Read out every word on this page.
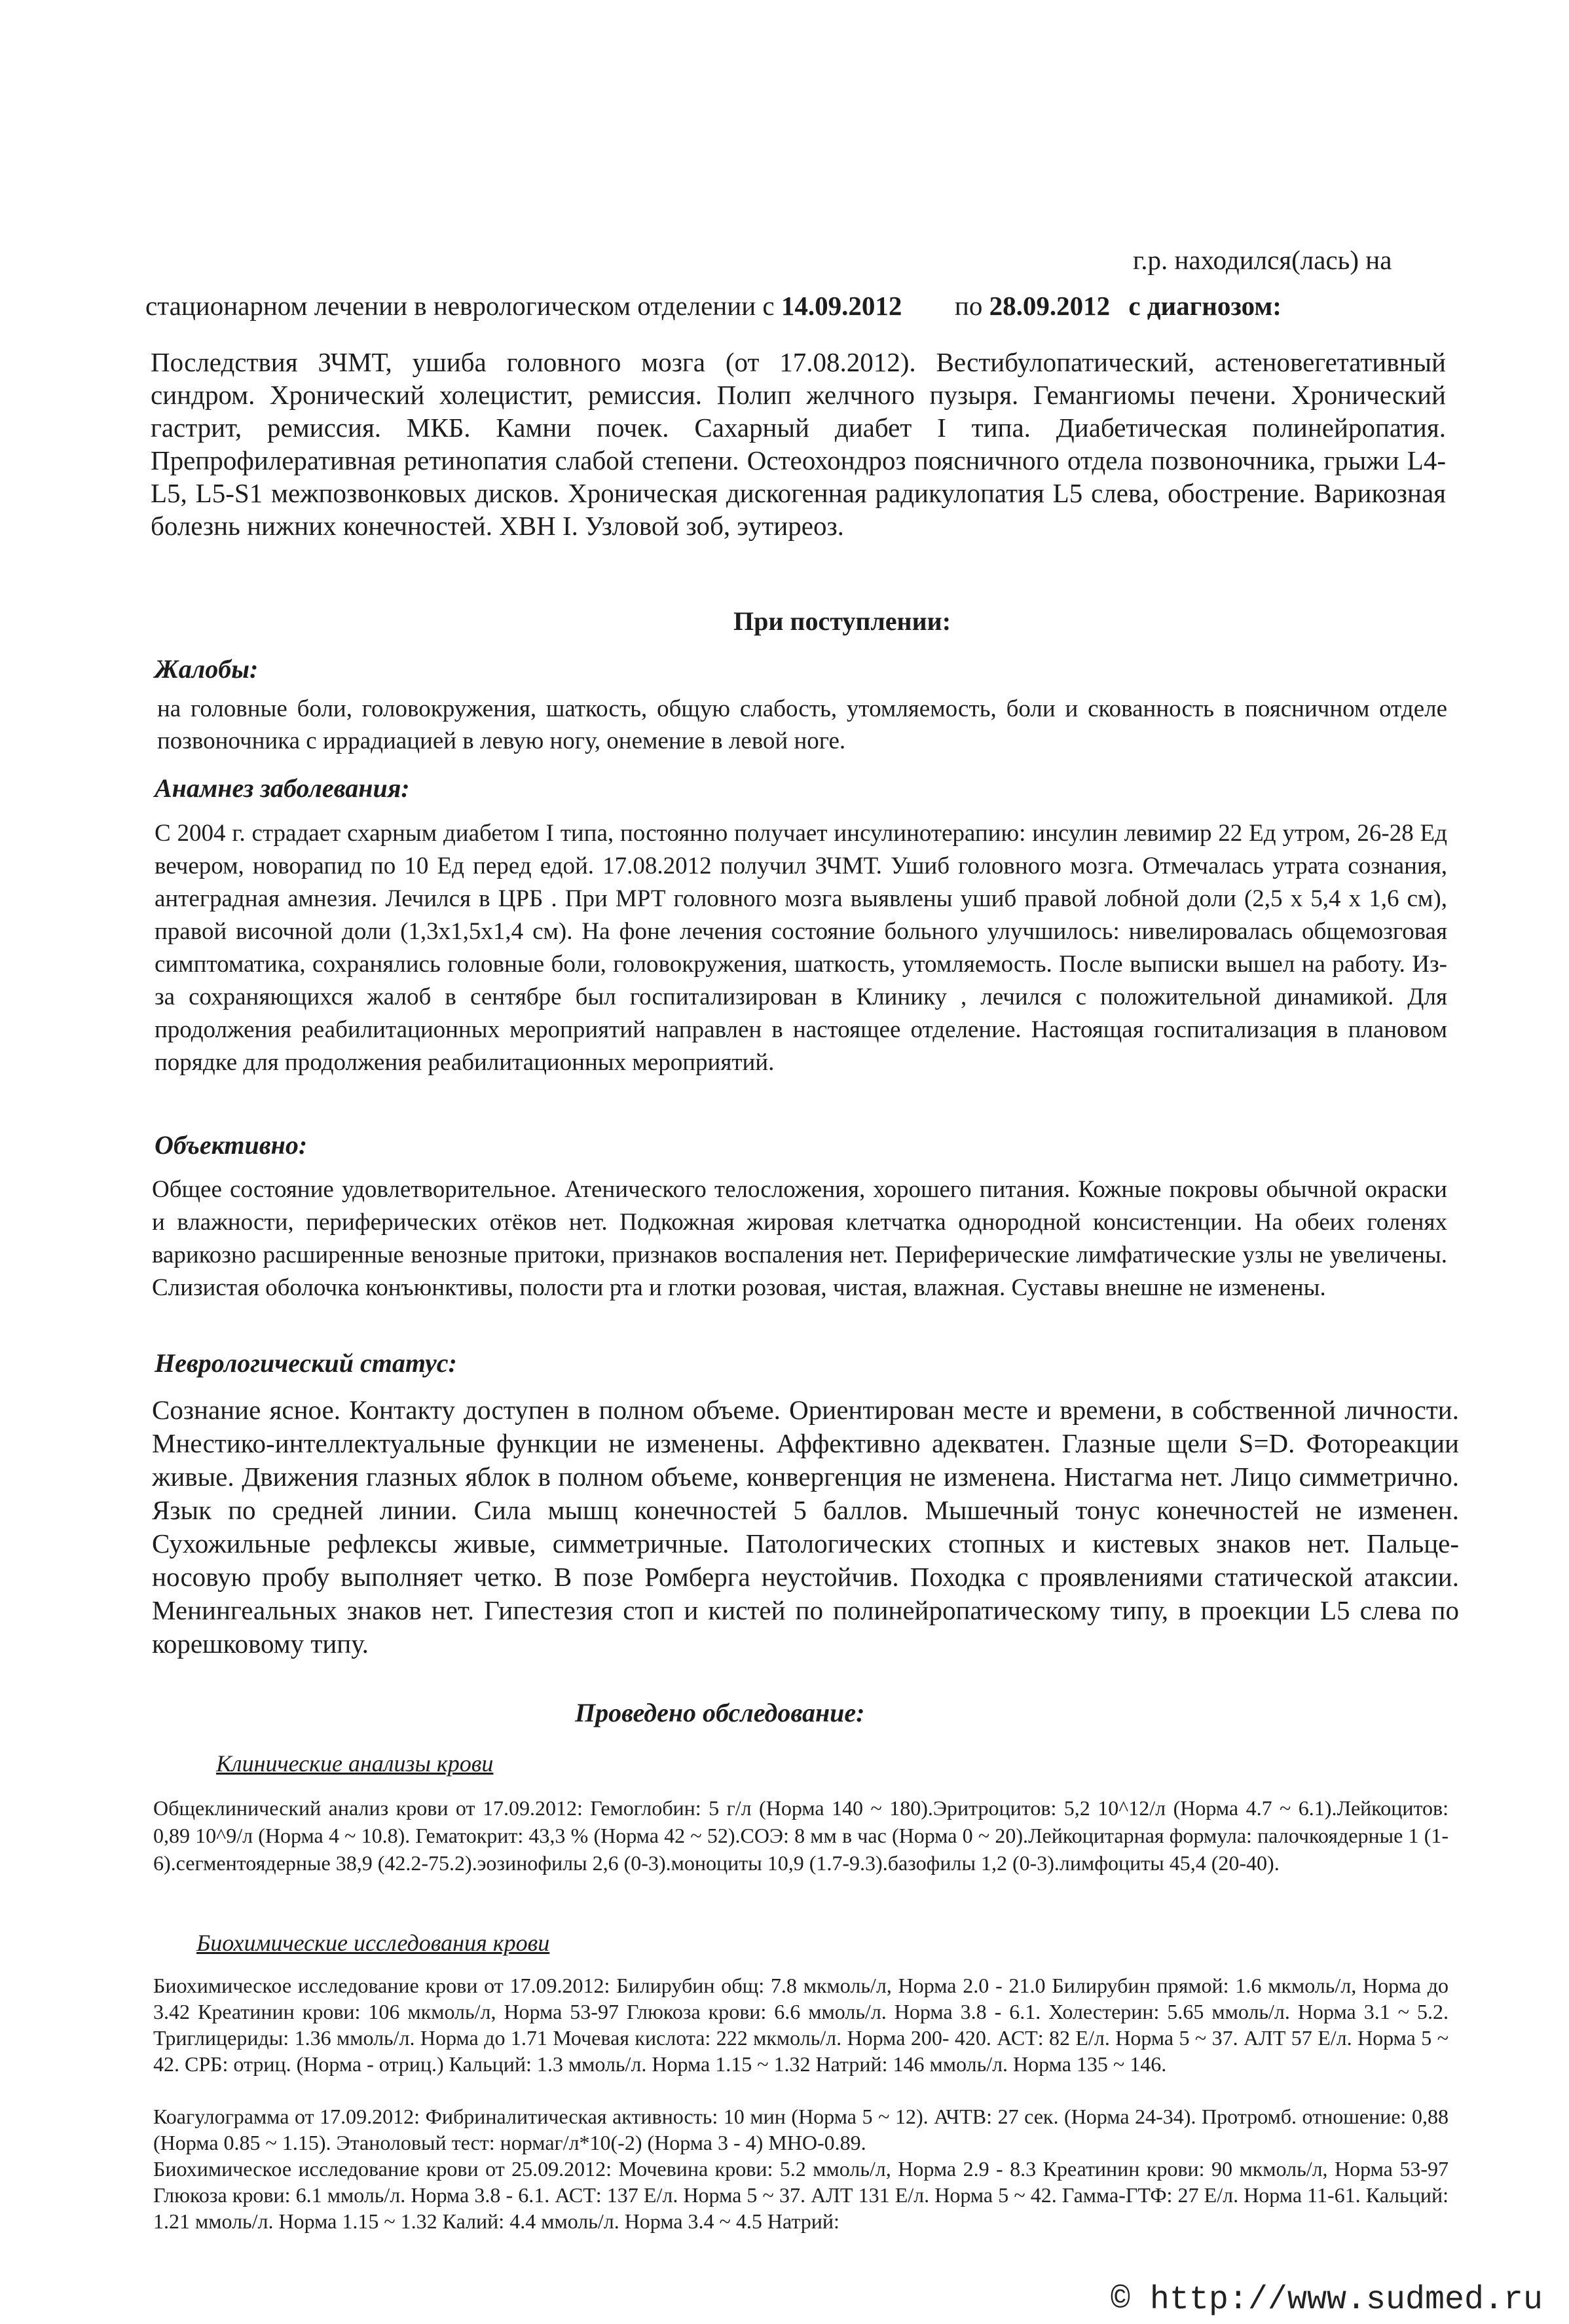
г.р. находился(лась) на
стационарном лечении в неврологическом отделении с 14.09.2012 по 28.09.2012 с диагнозом:

Последствия ЗЧМТ, ушиба головного мозга (от 17.08.2012). Вестибулопатический, астеновегетативный синдром. Хронический холецистит, ремиссия. Полип желчного пузыря. Гемангиомы печени. Хронический гастрит, ремиссия. МКБ. Камни почек. Сахарный диабет I типа. Диабетическая полинейропатия. Препрофилеративная ретинопатия слабой степени. Остеохондроз поясничного отдела позвоночника, грыжи L4-L5, L5-S1 межпозвонковых дисков. Хроническая дискогенная радикулопатия L5 слева, обострение. Варикозная болезнь нижних конечностей. ХВН I. Узловой зоб, эутиреоз.

При поступлении:
Жалобы:

на головные боли, головокружения, шаткость, общую слабость, утомляемость, боли и скованность в поясничном отделе позвоночника с иррадиацией в левую ногу, онемение в левой ноге.

Анамнез заболевания:

С 2004 г. страдает схарным диабетом I типа, постоянно получает инсулинотерапию: инсулин левимир 22 Ед утром, 26-28 Ед вечером, новорапид по 10 Ед перед едой. 17.08.2012 получил ЗЧМТ. Ушиб головного мозга. Отмечалась утрата сознания, антеградная амнезия. Лечился в ЦРБ . При МРТ головного мозга выявлены ушиб правой лобной доли (2,5 х 5,4 х 1,6 см), правой височной доли (1,3х1,5х1,4 см). На фоне лечения состояние больного улучшилось: нивелировалась общемозговая симптоматика, сохранялись головные боли, головокружения, шаткость, утомляемость. После выписки вышел на работу. Из-за сохраняющихся жалоб в сентябре был госпитализирован в Клинику , лечился с положительной динамикой. Для продолжения реабилитационных мероприятий направлен в настоящее отделение. Настоящая госпитализация в плановом порядке для продолжения реабилитационных мероприятий.

Объективно:

Общее состояние удовлетворительное. Атенического телосложения, хорошего питания. Кожные покровы обычной окраски и влажности, периферических отёков нет. Подкожная жировая клетчатка однородной консистенции. На обеих голенях варикозно расширенные венозные притоки, признаков воспаления нет. Периферические лимфатические узлы не увеличены. Слизистая оболочка конъюнктивы, полости рта и глотки розовая, чистая, влажная. Суставы внешне не изменены.

Неврологический статус:

Сознание ясное. Контакту доступен в полном объеме. Ориентирован месте и времени, в собственной личности. Мнестико-интеллектуальные функции не изменены. Аффективно адекватен. Глазные щели S=D. Фотореакции живые. Движения глазных яблок в полном объеме, конвергенция не изменена. Нистагма нет. Лицо симметрично. Язык по средней линии. Сила мышц конечностей 5 баллов. Мышечный тонус конечностей не изменен. Сухожильные рефлексы живые, симметричные. Патологических стопных и кистевых знаков нет. Пальце-носовую пробу выполняет четко. В позе Ромберга неустойчив. Походка с проявлениями статической атаксии. Менингеальных знаков нет. Гипестезия стоп и кистей по полинейропатическому типу, в проекции L5 слева по корешковому типу.

Проведено обследование:
Клинические анализы крови

Общеклинический анализ крови от 17.09.2012: Гемоглобин: 5 г/л (Норма 140 ~ 180).Эритроцитов: 5,2 10^12/л (Норма 4.7 ~ 6.1).Лейкоцитов: 0,89 10^9/л (Норма 4 ~ 10.8). Гематокрит: 43,3 % (Норма 42 ~ 52).СОЭ: 8 мм в час (Норма 0 ~ 20).Лейкоцитарная формула: палочкоядерные 1 (1-6).сегментоядерные 38,9 (42.2-75.2).эозинофилы 2,6 (0-3).моноциты 10,9 (1.7-9.3).базофилы 1,2 (0-3).лимфоциты 45,4 (20-40).

Биохимические исследования крови

Биохимическое исследование крови от 17.09.2012: Билирубин общ: 7.8 мкмоль/л, Норма 2.0 - 21.0 Билирубин прямой: 1.6 мкмоль/л, Норма до 3.42 Креатинин крови: 106 мкмоль/л, Норма 53-97 Глюкоза крови: 6.6 ммоль/л. Норма 3.8 - 6.1. Холестерин: 5.65 ммоль/л. Норма 3.1 ~ 5.2. Триглицериды: 1.36 ммоль/л. Норма до 1.71 Мочевая кислота: 222 мкмоль/л. Норма 200- 420. АСТ: 82 Е/л. Норма 5 ~ 37. АЛТ 57 Е/л. Норма 5 ~ 42. СРБ: отриц. (Норма - отриц.) Кальций: 1.3 ммоль/л. Норма 1.15 ~ 1.32 Натрий: 146 ммоль/л. Норма 135 ~ 146.

Коагулограмма от 17.09.2012: Фибриналитическая активность: 10 мин (Норма 5 ~ 12). АЧТВ: 27 сек. (Норма 24-34). Протромб. отношение: 0,88 (Норма 0.85 ~ 1.15). Этаноловый тест: нормаг/л*10(-2) (Норма 3 - 4) МНО-0.89.

Биохимическое исследование крови от 25.09.2012: Мочевина крови: 5.2 ммоль/л, Норма 2.9 - 8.3 Креатинин крови: 90 мкмоль/л, Норма 53-97 Глюкоза крови: 6.1 ммоль/л. Норма 3.8 - 6.1. АСТ: 137 Е/л. Норма 5 ~ 37. АЛТ 131 Е/л. Норма 5 ~ 42. Гамма-ГТФ: 27 Е/л. Норма 11-61. Кальций: 1.21 ммоль/л. Норма 1.15 ~ 1.32 Калий: 4.4 ммоль/л. Норма 3.4 ~ 4.5 Натрий:

© http://www.sudmed.ru
